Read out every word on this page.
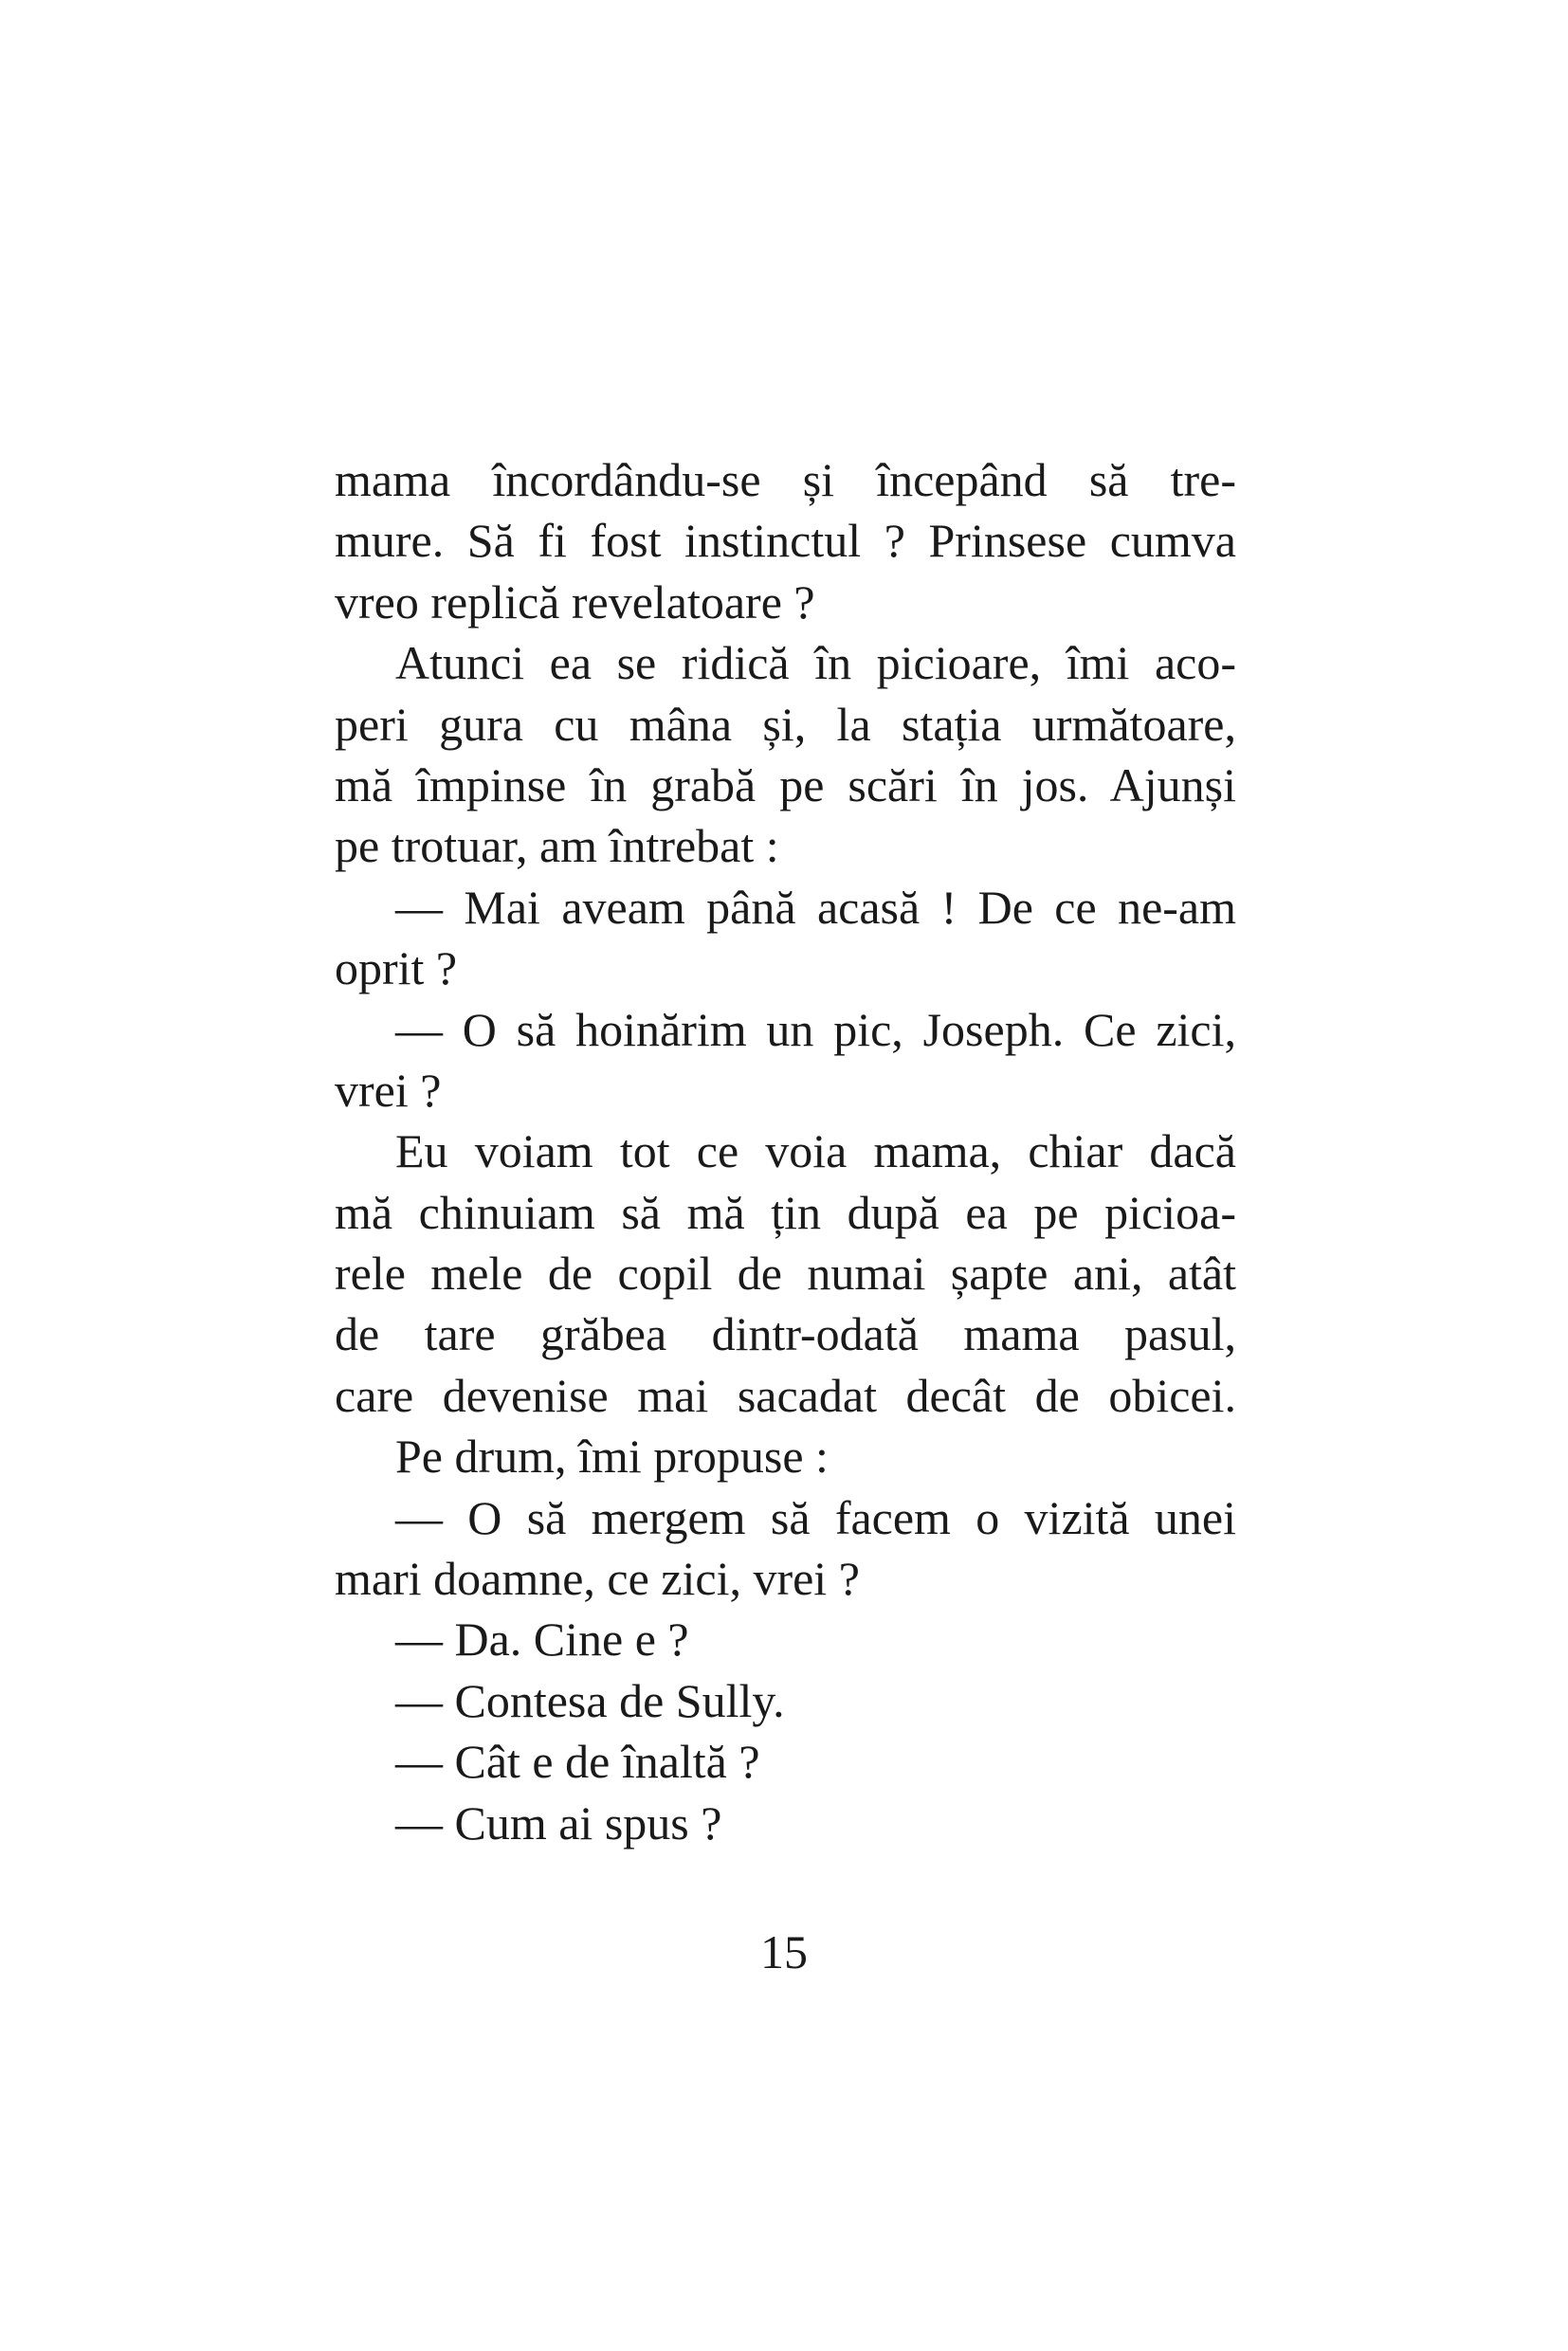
mama încordându-se și începând să tre-
mure. Să fi fost instinctul ? Prinsese cumva
vreo replică revelatoare ?
Atunci ea se ridică în picioare, îmi aco-
peri gura cu mâna și, la stația următoare,
mă împinse în grabă pe scări în jos. Ajunși
pe trotuar, am întrebat :
— Mai aveam până acasă ! De ce ne-am
oprit ?
— O să hoinărim un pic, Joseph. Ce zici,
vrei ?
Eu voiam tot ce voia mama, chiar dacă
mă chinuiam să mă țin după ea pe picioa-
rele mele de copil de numai șapte ani, atât
de tare grăbea dintr-odată mama pasul,
care devenise mai sacadat decât de obicei.
Pe drum, îmi propuse :
— O să mergem să facem o vizită unei
mari doamne, ce zici, vrei ?
— Da. Cine e ?
— Contesa de Sully.
— Cât e de înaltă ?
— Cum ai spus ?
15
